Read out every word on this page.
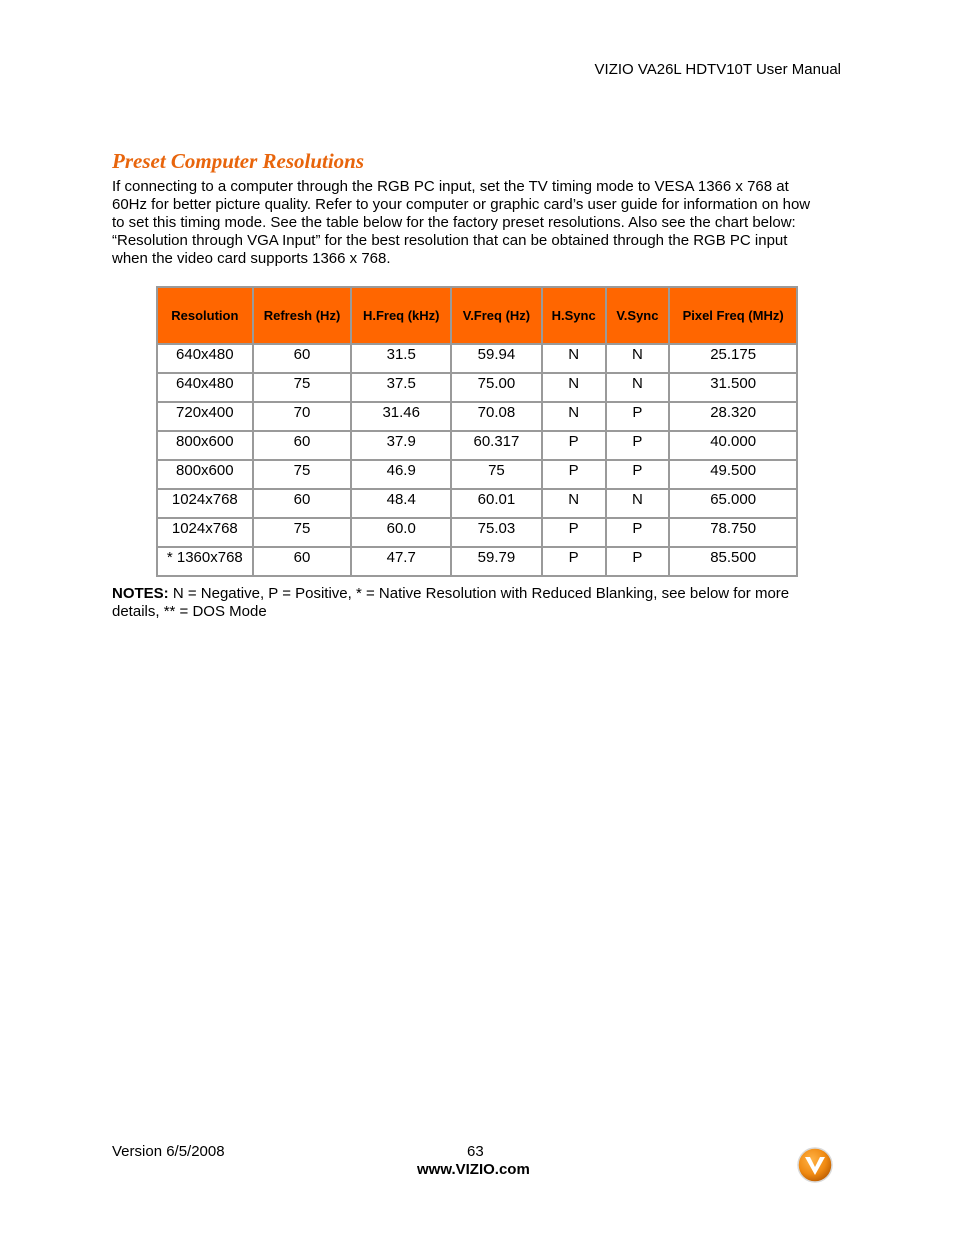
VIZIO VA26L HDTV10T User Manual
Preset Computer Resolutions
If connecting to a computer through the RGB PC input, set the TV timing mode to VESA 1366 x 768 at
60Hz for better picture quality. Refer to your computer or graphic card’s user guide for information on how
to set this timing mode. See the table below for the factory preset resolutions. Also see the chart below:
“Resolution through VGA Input” for the best resolution that can be obtained through the RGB PC input
when the video card supports 1366 x 768.
Resolution	Refresh (Hz)	H.Freq (kHz)	V.Freq (Hz)	H.Sync	V.Sync	Pixel Freq (MHz)
640x480	60	31.5	59.94	N	N	25.175
640x480	75	37.5	75.00	N	N	31.500
720x400	70	31.46	70.08	N	P	28.320
800x600	60	37.9	60.317	P	P	40.000
800x600	75	46.9	75	P	P	49.500
1024x768	60	48.4	60.01	N	N	65.000
1024x768	75	60.0	75.03	P	P	78.750
* 1360x768	60	47.7	59.79	P	P	85.500
NOTES: N = Negative, P = Positive, * = Native Resolution with Reduced Blanking, see below for more
details, ** = DOS Mode
Version 6/5/2008	63
www.VIZIO.com
